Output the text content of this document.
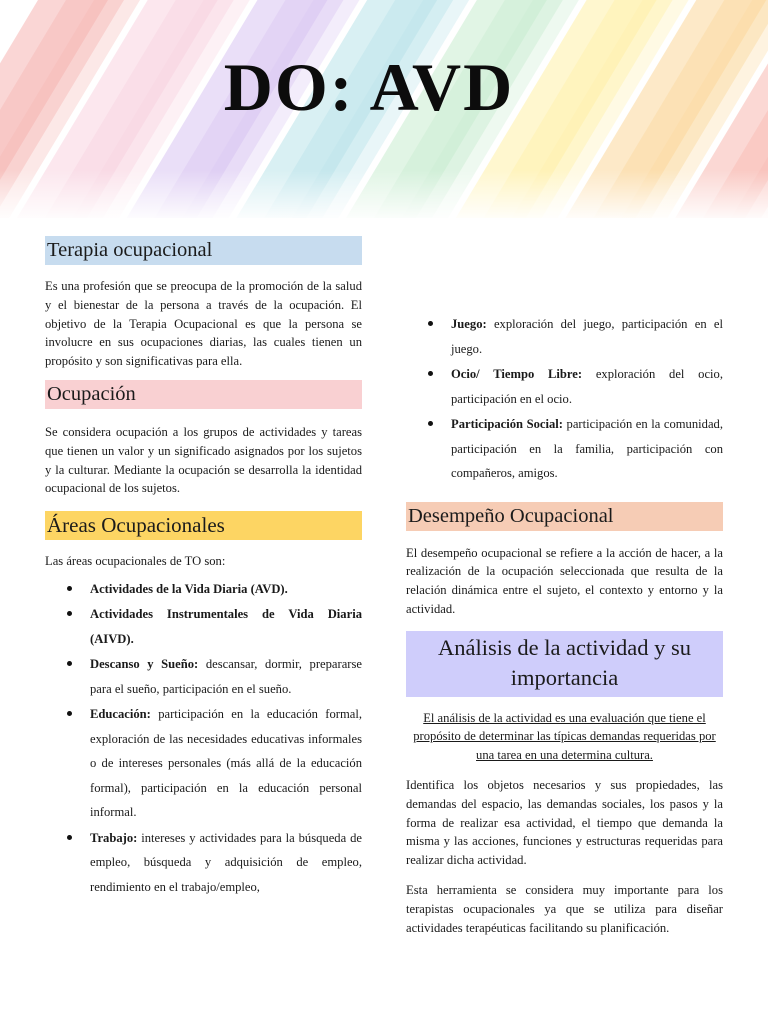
DO: AVD
Terapia ocupacional

Es una profesión que se preocupa de la promoción de la salud y el bienestar de la persona a través de la ocupación. El objetivo de la Terapia Ocupacional es que la persona se involucre en sus ocupaciones diarias, las cuales tienen un propósito y son significativas para ella.

Ocupación

Se considera ocupación a los grupos de actividades y tareas que tienen un valor y un significado asignados por los sujetos y la culturar. Mediante la ocupación se desarrolla la identidad ocupacional de los sujetos.

Áreas Ocupacionales

Las áreas ocupacionales de TO son:

Actividades de la Vida Diaria (AVD).
Actividades Instrumentales de Vida Diaria (AIVD).
Descanso y Sueño: descansar, dormir, prepararse para el sueño, participación en el sueño.
Educación: participación en la educación formal, exploración de las necesidades educativas informales o de intereses personales (más allá de la educación formal), participación en la educación personal informal.
Trabajo: intereses y actividades para la búsqueda de empleo, búsqueda y adquisición de empleo, rendimiento en el trabajo/empleo,
Juego: exploración del juego, participación en el juego.
Ocio/ Tiempo Libre: exploración del ocio, participación en el ocio.
Participación Social: participación en la comunidad, participación en la familia, participación con compañeros, amigos.
Desempeño Ocupacional

El desempeño ocupacional se refiere a la acción de hacer, a la realización de la ocupación seleccionada que resulta de la relación dinámica entre el sujeto, el contexto y entorno y la actividad.

Análisis de la actividad y su importancia

El análisis de la actividad es una evaluación que tiene el propósito de determinar las típicas demandas requeridas por una tarea en una determina cultura.

Identifica los objetos necesarios y sus propiedades, las demandas del espacio, las demandas sociales, los pasos y la forma de realizar esa actividad, el tiempo que demanda la misma y las acciones, funciones y estructuras requeridas para realizar dicha actividad.

Esta herramienta se considera muy importante para los terapistas ocupacionales ya que se utiliza para diseñar actividades terapéuticas facilitando su planificación.
